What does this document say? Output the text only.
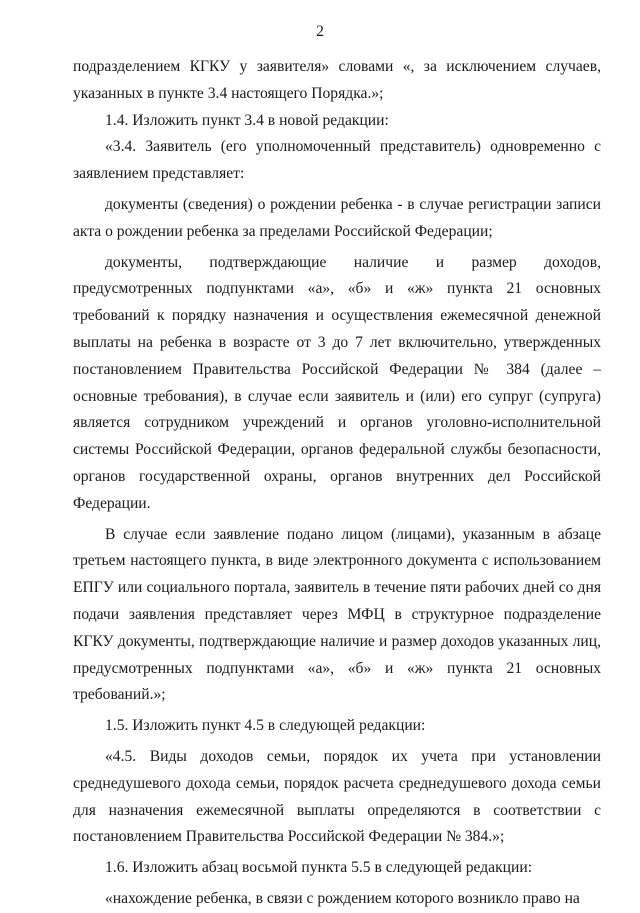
2

подразделением КГКУ у заявителя» словами «, за исключением случаев, указанных в пункте 3.4 настоящего Порядка.»;

1.4. Изложить пункт 3.4 в новой редакции:

«3.4. Заявитель (его уполномоченный представитель) одновременно с заявлением представляет:

документы (сведения) о рождении ребенка - в случае регистрации записи акта о рождении ребенка за пределами Российской Федерации;

документы, подтверждающие наличие и размер доходов, предусмотренных подпунктами «а», «б» и «ж» пункта 21 основных требований к порядку назначения и осуществления ежемесячной денежной выплаты на ребенка в возрасте от 3 до 7 лет включительно, утвержденных постановлением Правительства Российской Федерации № 384 (далее – основные требования), в случае если заявитель и (или) его супруг (супруга) является сотрудником учреждений и органов уголовно-исполнительной системы Российской Федерации, органов федеральной службы безопасности, органов государственной охраны, органов внутренних дел Российской Федерации.

В случае если заявление подано лицом (лицами), указанным в абзаце третьем настоящего пункта, в виде электронного документа с использованием ЕПГУ или социального портала, заявитель в течение пяти рабочих дней со дня подачи заявления представляет через МФЦ в структурное подразделение КГКУ документы, подтверждающие наличие и размер доходов указанных лиц, предусмотренных подпунктами «а», «б» и «ж» пункта 21 основных требований.»;

1.5. Изложить пункт 4.5 в следующей редакции:

«4.5. Виды доходов семьи, порядок их учета при установлении среднедушевого дохода семьи, порядок расчета среднедушевого дохода семьи для назначения ежемесячной выплаты определяются в соответствии с постановлением Правительства Российской Федерации № 384.»;

1.6. Изложить абзац восьмой пункта 5.5 в следующей редакции:

«нахождение ребенка, в связи с рождением которого возникло право на
